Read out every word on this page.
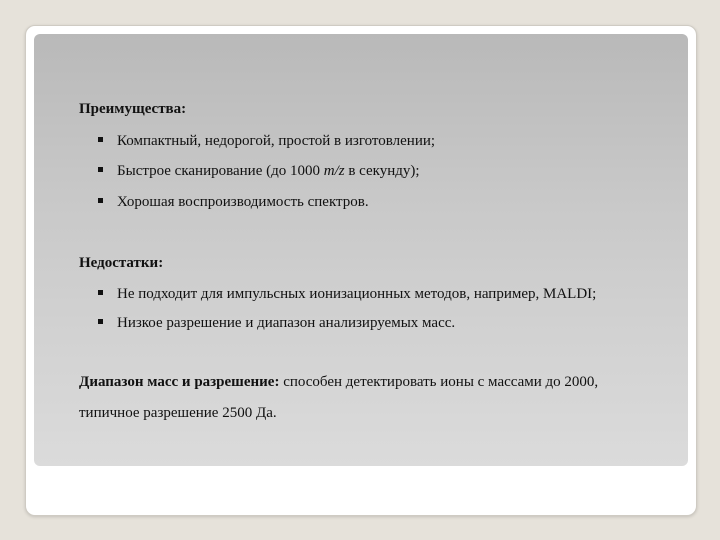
Преимущества:
Компактный, недорогой, простой в изготовлении;
Быстрое сканирование (до 1000 m/z в секунду);
Хорошая воспроизводимость спектров.
Недостатки:
Не подходит для импульсных ионизационных методов, например, MALDI;
Низкое разрешение и диапазон анализируемых масс.
Диапазон масс и разрешение: способен детектировать ионы с массами до 2000,
типичное разрешение 2500 Да.
